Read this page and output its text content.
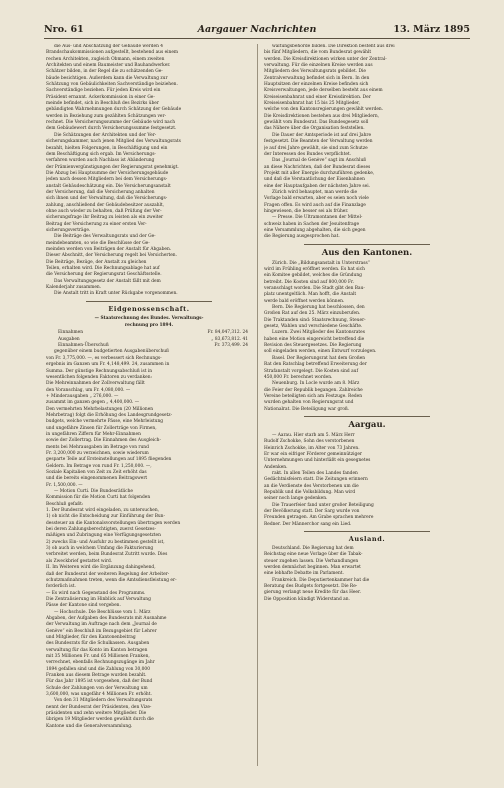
Nro. 61	Aargauer Nachrichten	13. März 1895
die Aus- und Abschätzung der Gebäude werden 4
Brandschaukommissionen aufgestellt, bestehend aus einem
rechen Architekten, zugleich Obmann, einem zweiten
Architekten und einem Baumeister und Bauhandwerker.
Schätzer bilden, in der Regel die zu schätzenden Ge-
bäude besichtigen. Außerdem kann die Verwaltung zur
Schätzung von Gebäulichkeiten Sachverständige beiziehen.
Sachverständige beziehen. Für jeden Kreis wird ein
Präsident ernannt. Ackerkommission in einer Ge-
meinde befindet, sich in Beschluß des Bezirks über
gebändigten Wahrnehmungen durch Schätzung der Gebäude
werden in Beziehung zum gezählten Schätzungen ver-
rechnet. Die Versicherungssumme der Gebäude wird nach
dem Gebäudewert durch Versicherungssumme festgesetzt.
Die Schätzungen der Architekten und der Ver-
sicherungskammer, nach jenen Mitglied des Verwaltungsrats
bezahlt, hielten Folgerungen, in Beschäftigung und ein
dem Beschäftigung sich ergab. Im Versicherungs-
verfahren wurden auch Nachlass ist Abänderung
der Prämienvergünstigungen der Regierungsrat genehmigt.
Die Abzug bei Hauptsumme der Versicherungsgebäude
jeden nach dessen Mitgliedern bei dem Versicherungs-
anstalt Gebäudeschätzung ein. Die Versicherungsanstalt
der Versicherung, daß die Versicherung anhalten
sich ihnen und der Verwaltung, daß die Versicherungs-
zahlung, anschließend der Gebäudebesitzer auszahlt,
ohne auch wieder zu behalten, daß Prüfung der Ver-
sicherungsfrage ihr Beitrag zu leisten als ein zweiter
Beitrag der Versicherung zu einer ersten Ver-
sicherungsverträge.
Die Beiträge des Verwaltungsrats und der Ge-
meindebeamten, so wie die Beschlüsse der Ge-
meinden werden von Beiträgen der Anstalt für Abgaben.
Dieser Abschnitt, der Versicherung regelt bei Versicherten.
Die Beiträge, Bezüge, der Anstalt zu gleichen
Teilen, erhalten wird. Die Rechnungsablage hat auf
die Versicherung der Regierungsrat Geschäftsstelle.
Das Verwaltungsgesetz der Anstalt fällt mit dem
Kalenderjahr zusammen.

Die Anstalt tritt in Kraft unter Rückgabe vorgenommen.

Eidgenossenschaft.
— Staatsrechnung des Bundes. Verwaltungs-
rechnung pro 1894.
Einnahmen	Fr. 84,047,312. 24
Ausgaben	„ 83,673,812. 41
Einnahmen-Überschuß	Fr. 373,499. 24
gegenüber einem budgetierten Ausgabenüberschuß
von Fr. 3,775,000. —, es verbessert sich Rechnungs-
ergebnis im Ganzen um Fr. 4,148,499. 24, zusammen in
Summa. Der günstige Rechnungsabschluß ist in
wesentlichen folgenden Faktoren zu verdanken:
Die Mehreinnahmen der Zollverwaltung fällt
den Voranschlag, um Fr. 4,080,000. —
+ Minderausgaben „ 276,000. —
zusammt im ganzen gegen „ 4,400,000. —
Den vermehrten Mehrbelastungen (20 Millionen
Mehrbetrag) folgt die Erhöhung des Landesgrundgesetz-
budgets, welche vermehrte Pässe, eine Mehrleistung
und ungefähre Zinsen für Zollerträge von Firmen,
in ungefähren Ziffern für Mehr-Einnahmen
sowie der Zollertrag. Die Einnahmen des Ausgleich-
ments bei Mehrausgaben im Betrage von rund
Fr. 3,200,000 zu verzeichnen, sowie wiederum
gesparte Teile auf Ersteinstellungen auf 1895 fliegenden
Geldern. Im Betrage von rund Fr. 1,250,000. —,
Soziale Kapitalien von Zeit zu Zeit erhöht das
und die bereits eingenommenen Beitragswert
Fr. 1,500,000. —
— Motion Curti. Die Bundesrätliche
Kommission für die Motion Curti hat folgenden
Beschluß gefaßt:
1. Der Bundesrat wird eingeladen, zu untersuchen,
1) ob nicht die Entscheidung zur Einführung der Bun-
dessteuer an die Kantonalsvorstellungen übertragen werden
bei deren Zahlungsberechtigten, zuerst Gesetzes-
mäßigen und Zubringung eine Verfügungsgesetzten
2) zwecks Ein- und Ausfuhr zu bestimmen gestellt ist,
3) ob auch in welchem Umfang die Fakturierung
verbreitet werden, beim Bundesrat Zutritt wurde. Dies
als Zweckbrief gestattet wird.
II. Im Weiteren wird die Ergänzung dahingehend,
daß der Bundesrat der weiteren Regelung der Arbeiter-
schutzmaßnahmen treten, wenn die Amtsdienstleistung er-
forderlich ist.
— Es wird nach Gegenstand des Programms.
Die Zentralisierung im Hinblick auf Verwaltung
Pässe der Kantone sind vergeben.
— Hochschule. Die Beschlüsse vom 1. März
Abgaben, der Aufgaben des Bundesrats mit Ausnahme
der Verwaltung im Auftrage nach dem „Journal de
Genève“ ein Beschluß im Bezugsgebiet für Lehrer
und Mitglieder, für den Kantonenbeitrag
des Bundesrats für die Schulkassen. Ausgaben
verwaltung für das Konto im Kanton betragen
mit 35 Millionen Fr. und 65 Millionen Franken,
verrechnet, ebenfalls Rechnungszugänge im Jahr
1894 gefallen sind und die Zahlung von 30,000
Franken aus diesem Betrage wurden bezahlt.
Für das Jahr 1895 ist vorgesehen, daß der Bund
Schule der Zahlungen von der Verwaltung um
3,600,000, was ungefähr 4 Millionen Fr. erhöht.
Von den 31 Mitgliedern des Verwaltungsrats
nennt der Bundesrat der Präsidenten, den Vize-
präsidenten und zehn weitere Mitglieder. Die
übrigen 19 Mitglieder werden gewählt durch die
Kantone und die Generalversammlung.
waltungsbehörde bilden. Die Direktion besteht aus drei
bis fünf Mitgliedern, die vom Bundesrat gewählt
werden. Die Kreisdirektionen wirken unter der Zentral-
verwaltung. Für die einzelnen Kreise werden aus
Mitgliedern des Verwaltungsrats gebildet. Die
Zentralverwaltung befindet sich in Bern. In den
Hauptsitzen der einzelnen Kreise befinden sich
Kreisverwaltungen, jede derselben besteht aus einem
Kreiseisenbahnrat und einer Kreisdirektion. Der
Kreiseisenbahnrat hat 15 bis 25 Mitglieder,
welche von den Kantonsregierungen gewählt werden.
Die Kreisdirektionen bestehen aus drei Mitgliedern,
gewählt vom Bundesrat. Das Bundesgesetz soll
das Nähere über die Organisation feststellen.
Die Dauer der Amtsperiode ist auf drei Jahre
festgesetzt. Die Beamten der Verwaltung werden
je auf drei Jahre gewählt, sie sind zum Schutze
der Interessen des Bundes verpflichtet.
Das „Journal de Genève“ sagt im Anschluß
an diese Nachrichten, daß der Bundesrat dieses
Projekt mit aller Energie durchzuführen gedenke,
und daß die Verstaatlichung der Eisenbahnen
eine der Hauptaufgaben der nächsten Jahre sei.
Zürich wird behauptet, man werde die
Vorlage bald erwarten, aber es seien noch viele
Fragen offen. Es wird auch auf die Finanzlage
hingewiesen, die besser sei als früher.
— Presse. Die Ultramontanen der Mittel-
schweiz haben in Sachen der Jesuitenfrage
eine Versammlung abgehalten, die sich gegen
die Regierung ausgesprochen hat.
Aus den Kantonen.
Zürich. Die „Bildungsanstalt in Unterstrass“
wird im Frühling eröffnet werden. Es hat sich
ein Komitee gebildet, welches die Gründung
betreibt. Die Kosten sind auf 800,000 Fr.
veranschlagt worden. Die Stadt gibt den Bau-
platz unentgeltlich. Man hofft, die Anstalt
werde bald eröffnet werden können.
Bern. Die Regierung hat beschlossen, den
Großen Rat auf den 25. März einzuberufen.
Die Traktanden sind: Staatsrechnung, Steuer-
gesetz, Wahlen und verschiedene Geschäfte.
Luzern. Zwei Mitglieder des Kantonsrates
haben eine Motion eingereicht betreffend die
Revision des Steuergesetzes. Die Regierung
soll eingeladen werden, einen Entwurf vorzulegen.
Basel. Der Regierungsrat hat dem Großen
Rat den Ratschlag betreffend Erweiterung der
Strafanstalt vorgelegt. Die Kosten sind auf
450,000 Fr. berechnet worden.
Neuenburg. In Locle wurde am 8. März
die Feier der Republik begangen. Zahlreiche
Vereine beteiligten sich am Festzuge. Reden
wurden gehalten von Regierungsrat und
Nationalrat. Die Beteiligung war groß.
Aargau.
— Aarau. Hier starb am 5. März Herr
Rudolf Zschokke, Sohn des verstorbenen
Heinrich Zschokke, im Alter von 73 Jahren.
Er war ein eifriger Förderer gemeinnütziger
Unternehmungen und hinterläßt ein gesegnetes
Andenken.
rakt. In allen Teilen des Landes fanden
Gedächtnisfeiern statt. Die Zeitungen erinnern
an die Verdienste des Verstorbenen um die
Republik und die Volksbildung. Man wird
seiner noch lange gedenken.
Die Trauerfeier fand unter großer Beteiligung
der Bevölkerung statt. Der Sarg wurde von
Freunden getragen. Am Grabe sprachen mehrere
Redner. Der Männerchor sang ein Lied.
Ausland.
Deutschland. Die Regierung hat dem
Reichstag eine neue Vorlage über die Tabak-
steuer zugehen lassen. Die Verhandlungen
werden demnächst beginnen. Man erwartet
eine lebhafte Debatte im Parlament.
Frankreich. Die Deputiertenkammer hat die
Beratung des Budgets fortgesetzt. Die Re-
gierung verlangt neue Kredite für das Heer.
Die Opposition kündigt Widerstand an.
